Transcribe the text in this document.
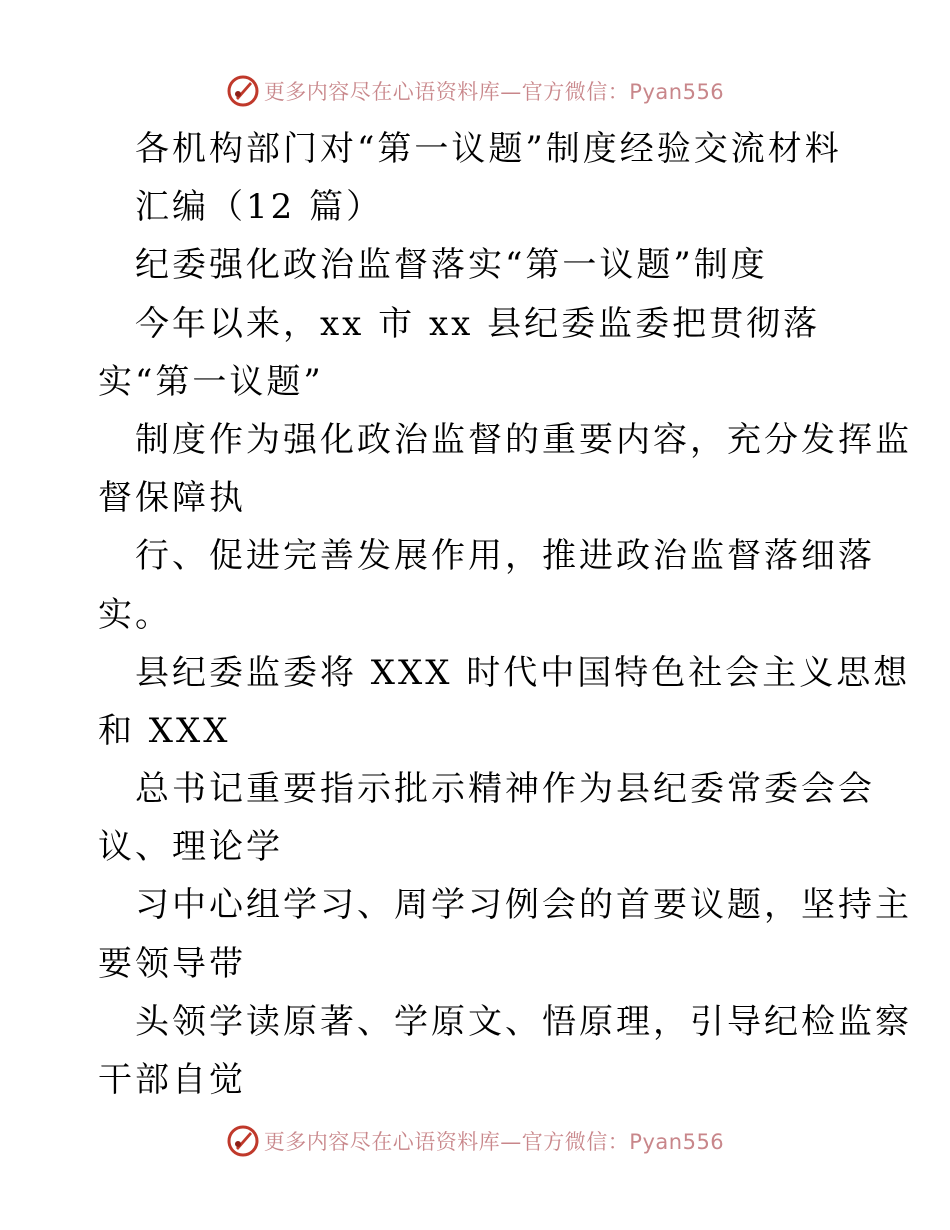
更多内容尽在心语资料库—官方微信：Pyan556
各机构部门对“第一议题”制度经验交流材料
汇编（12 篇）
纪委强化政治监督落实“第一议题”制度
今年以来，xx 市 xx 县纪委监委把贯彻落
实“第一议题”
制度作为强化政治监督的重要内容，充分发挥监
督保障执
行、促进完善发展作用，推进政治监督落细落
实。
县纪委监委将 XXX 时代中国特色社会主义思想
和 XXX
总书记重要指示批示精神作为县纪委常委会会
议、理论学
习中心组学习、周学习例会的首要议题，坚持主
要领导带
头领学读原著、学原文、悟原理，引导纪检监察
干部自觉
更多内容尽在心语资料库—官方微信：Pyan556
